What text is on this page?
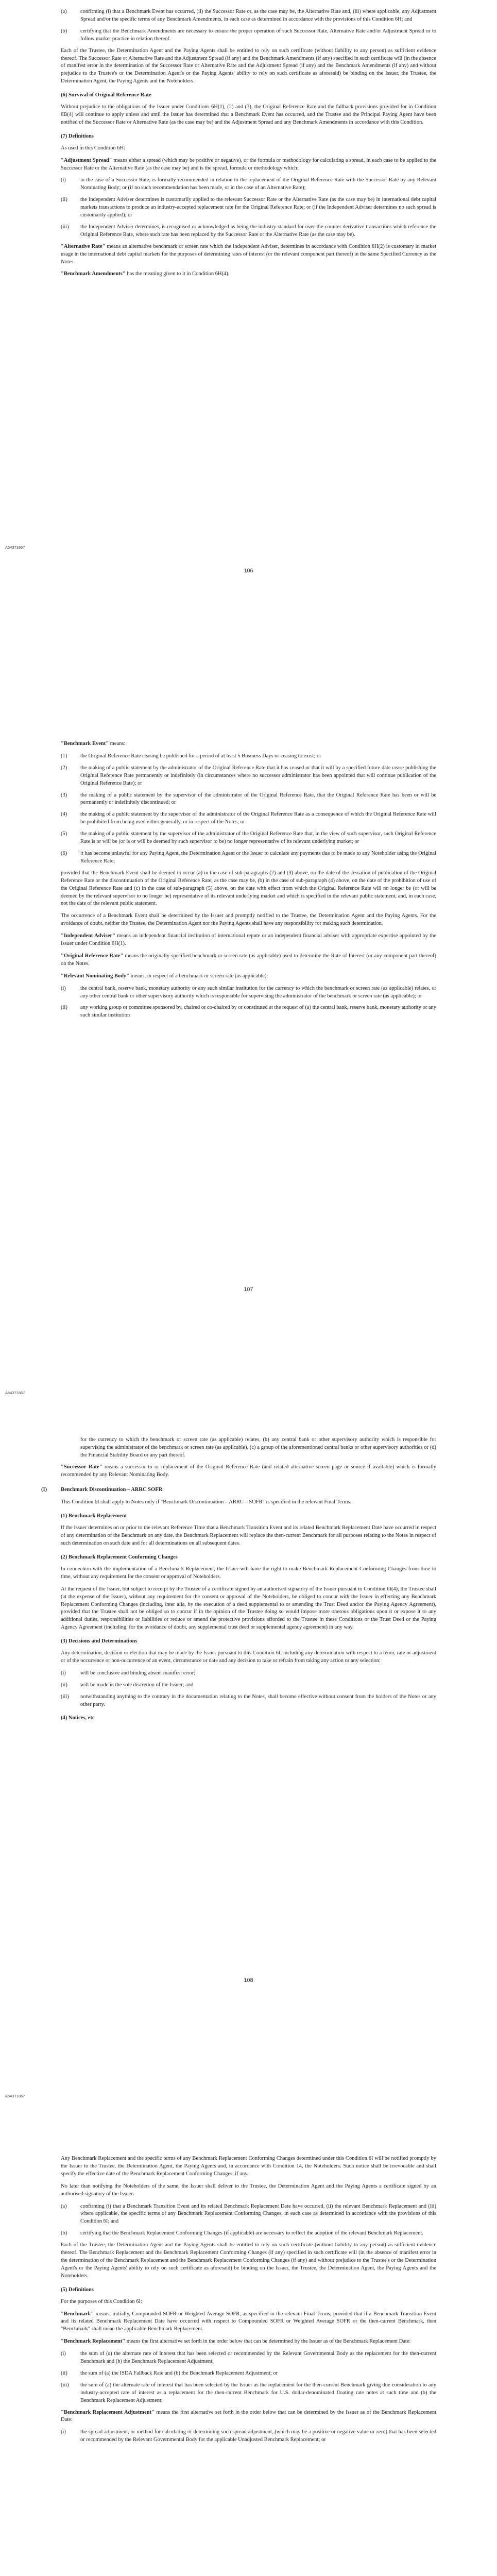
(a)	confirming (i) that a Benchmark Event has occurred, (ii) the Successor Rate or, as the case may be, the Alternative Rate and, (iii) where applicable, any Adjustment Spread and/or the specific terms of any Benchmark Amendments, in each case as determined in accordance with the provisions of this Condition 6H; and
(b)	certifying that the Benchmark Amendments are necessary to ensure the proper operation of such Successor Rate, Alternative Rate and/or Adjustment Spread or to follow market practice in relation thereof.

Each of the Trustee, the Determination Agent and the Paying Agents shall be entitled to rely on such certificate (without liability to any person) as sufficient evidence thereof. The Successor Rate or Alternative Rate and the Adjustment Spread (if any) and the Benchmark Amendments (if any) specified in such certificate will (in the absence of manifest error in the determination of the Successor Rate or Alternative Rate and the Adjustment Spread (if any) and the Benchmark Amendments (if any) and without prejudice to the Trustee's or the Determination Agent's or the Paying Agents' ability to rely on such certificate as aforesaid) be binding on the Issuer, the Trustee, the Determination Agent, the Paying Agents and the Noteholders.

(6) Survival of Original Reference Rate

Without prejudice to the obligations of the Issuer under Conditions 6H(1), (2) and (3), the Original Reference Rate and the fallback provisions provided for in Condition 6B(4) will continue to apply unless and until the Issuer has determined that a Benchmark Event has occurred, and the Trustee and the Principal Paying Agent have been notified of the Successor Rate or Alternative Rate (as the case may be) and the Adjustment Spread and any Benchmark Amendments in accordance with this Condition.

(7) Definitions

As used in this Condition 6H:

"Adjustment Spread" means either a spread (which may be positive or negative), or the formula or methodology for calculating a spread, in each case to be applied to the Successor Rate or the Alternative Rate (as the case may be) and is the spread, formula or methodology which:

(i)	in the case of a Successor Rate, is formally recommended in relation to the replacement of the Original Reference Rate with the Successor Rate by any Relevant Nominating Body; or (if no such recommendation has been made, or in the case of an Alternative Rate);
(ii)	the Independent Adviser determines is customarily applied to the relevant Successor Rate or the Alternative Rate (as the case may be) in international debt capital markets transactions to produce an industry-accepted replacement rate for the Original Reference Rate; or (if the Independent Adviser determines no such spread is customarily applied); or
(iii)	the Independent Adviser determines, is recognised or acknowledged as being the industry standard for over-the-counter derivative transactions which reference the Original Reference Rate, where such rate has been replaced by the Successor Rate or the Alternative Rate (as the case may be).

"Alternative Rate" means an alternative benchmark or screen rate which the Independent Adviser, determines in accordance with Condition 6H(2) is customary in market usage in the international debt capital markets for the purposes of determining rates of interest (or the relevant component part thereof) in the same Specified Currency as the Notes.

"Benchmark Amendments" has the meaning given to it in Condition 6H(4).

A54371867
106

"Benchmark Event" means:

(1)	the Original Reference Rate ceasing be published for a period of at least 5 Business Days or ceasing to exist; or
(2)	the making of a public statement by the administrator of the Original Reference Rate that it has ceased or that it will by a specified future date cease publishing the Original Reference Rate permanently or indefinitely (in circumstances where no successor administrator has been appointed that will continue publication of the Original Reference Rate); or
(3)	the making of a public statement by the supervisor of the administrator of the Original Reference Rate, that the Original Reference Rate has been or will be permanently or indefinitely discontinued; or
(4)	the making of a public statement by the supervisor of the administrator of the Original Reference Rate as a consequence of which the Original Reference Rate will be prohibited from being used either generally, or in respect of the Notes; or
(5)	the making of a public statement by the supervisor of the administrator of the Original Reference Rate that, in the view of such supervisor, such Original Reference Rate is or will be (or is or will be deemed by such supervisor to be) no longer representative of its relevant underlying market; or
(6)	it has become unlawful for any Paying Agent, the Determination Agent or the Issuer to calculate any payments due to be made to any Noteholder using the Original Reference Rate;

provided that the Benchmark Event shall be deemed to occur (a) in the case of sub-paragraphs (2) and (3) above, on the date of the cessation of publication of the Original Reference Rate or the discontinuation of the Original Reference Rate, as the case may be, (b) in the case of sub-paragraph (4) above, on the date of the prohibition of use of the Original Reference Rate and (c) in the case of sub-paragraph (5) above, on the date with effect from which the Original Reference Rate will no longer be (or will be deemed by the relevant supervisor to no longer be) representative of its relevant underlying market and which is specified in the relevant public statement, and, in each case, not the date of the relevant public statement.

The occurrence of a Benchmark Event shall be determined by the Issuer and promptly notified to the Trustee, the Determination Agent and the Paying Agents. For the avoidance of doubt, neither the Trustee, the Determination Agent nor the Paying Agents shall have any responsibility for making such determination.

"Independent Adviser" means an independent financial institution of international repute or an independent financial adviser with appropriate expertise appointed by the Issuer under Condition 6H(1).

"Original Reference Rate" means the originally-specified benchmark or screen rate (as applicable) used to determine the Rate of Interest (or any component part thereof) on the Notes.

"Relevant Nominating Body" means, in respect of a benchmark or screen rate (as applicable):

(i)	the central bank, reserve bank, monetary authority or any such similar institution for the currency to which the benchmark or screen rate (as applicable) relates, or any other central bank or other supervisory authority which is responsible for supervising the administrator of the benchmark or screen rate (as applicable); or
(ii)	any working group or committee sponsored by, chaired or co-chaired by or constituted at the request of (a) the central bank, reserve bank, monetary authority or any such similar institution
107
A54371867
for the currency to which the benchmark or screen rate (as applicable) relates, (b) any central bank or other supervisory authority which is responsible for supervising the administrator of the benchmark or screen rate (as applicable), (c) a group of the aforementioned central banks or other supervisory authorities or (d) the Financial Stability Board or any part thereof.

"Successor Rate" means a successor to or replacement of the Original Reference Rate (and related alternative screen page or source if available) which is formally recommended by any Relevant Nominating Body.

(I)	Benchmark Discontinuation – ARRC SOFR

This Condition 6I shall apply to Notes only if "Benchmark Discontinuation – ARRC – SOFR" is specified in the relevant Final Terms.

(1) Benchmark Replacement

If the Issuer determines on or prior to the relevant Reference Time that a Benchmark Transition Event and its related Benchmark Replacement Date have occurred in respect of any determination of the Benchmark on any date, the Benchmark Replacement will replace the then-current Benchmark for all purposes relating to the Notes in respect of such determination on such date and for all determinations on all subsequent dates.

(2) Benchmark Replacement Conforming Changes

In connection with the implementation of a Benchmark Replacement, the Issuer will have the right to make Benchmark Replacement Conforming Changes from time to time, without any requirement for the consent or approval of Noteholders.

At the request of the Issuer, but subject to receipt by the Trustee of a certificate signed by an authorised signatory of the Issuer pursuant to Condition 6I(4), the Trustee shall (at the expense of the Issuer), without any requirement for the consent or approval of the Noteholders, be obliged to concur with the Issuer in effecting any Benchmark Replacement Conforming Changes (including, inter alia, by the execution of a deed supplemental to or amending the Trust Deed and/or the Paying Agency Agreement), provided that the Trustee shall not be obliged so to concur if in the opinion of the Trustee doing so would impose more onerous obligations upon it or expose it to any additional duties, responsibilities or liabilities or reduce or amend the protective provisions afforded to the Trustee in these Conditions or the Trust Deed or the Paying Agency Agreement (including, for the avoidance of doubt, any supplemental trust deed or supplemental agency agreement) in any way.

(3) Decisions and Determinations

Any determination, decision or election that may be made by the Issuer pursuant to this Condition 6I, including any determination with respect to a tenor, rate or adjustment or of the occurrence or non-occurrence of an event, circumstance or date and any decision to take or refrain from taking any action or any selection:

(i)	will be conclusive and binding absent manifest error;
(ii)	will be made in the sole discretion of the Issuer; and
(iii)	notwithstanding anything to the contrary in the documentation relating to the Notes, shall become effective without consent from the holders of the Notes or any other party.
(4) Notices, etc
108
A54371867

Any Benchmark Replacement and the specific terms of any Benchmark Replacement Conforming Changes determined under this Condition 6I will be notified promptly by the Issuer to the Trustee, the Determination Agent, the Paying Agents and, in accordance with Condition 14, the Noteholders. Such notice shall be irrevocable and shall specify the effective date of the Benchmark Replacement Conforming Changes, if any.

No later than notifying the Noteholders of the same, the Issuer shall deliver to the Trustee, the Determination Agent and the Paying Agents a certificate signed by an authorised signatory of the Issuer:

(a)	confirming (i) that a Benchmark Transition Event and its related Benchmark Replacement Date have occurred, (ii) the relevant Benchmark Replacement and (iii) where applicable, the specific terms of any Benchmark Replacement Conforming Changes, in each case as determined in accordance with the provisions of this Condition 6I; and
(b)	certifying that the Benchmark Replacement Conforming Changes (if applicable) are necessary to reflect the adoption of the relevant Benchmark Replacement.

Each of the Trustee, the Determination Agent and the Paying Agents shall be entitled to rely on such certificate (without liability to any person) as sufficient evidence thereof. The Benchmark Replacement and the Benchmark Replacement Conforming Changes (if any) specified in such certificate will (in the absence of manifest error in the determination of the Benchmark Replacement and the Benchmark Replacement Conforming Changes (if any) and without prejudice to the Trustee's or the Determination Agent's or the Paying Agents' ability to rely on such certificate as aforesaid) be binding on the Issuer, the Trustee, the Determination Agent, the Paying Agents and the Noteholders.

(5) Definitions

For the purposes of this Condition 6I:

"Benchmark" means, initially, Compounded SOFR or Weighted Average SOFR, as specified in the relevant Final Terms; provided that if a Benchmark Transition Event and its related Benchmark Replacement Date have occurred with respect to Compounded SOFR or Weighted Average SOFR or the then-current Benchmark, then "Benchmark" shall mean the applicable Benchmark Replacement.

"Benchmark Replacement" means the first alternative set forth in the order below that can be determined by the Issuer as of the Benchmark Replacement Date:

(i)	the sum of (a) the alternate rate of interest that has been selected or recommended by the Relevant Governmental Body as the replacement for the then-current Benchmark and (b) the Benchmark Replacement Adjustment;
(ii)	the sum of (a) the ISDA Fallback Rate and (b) the Benchmark Replacement Adjustment; or
(iii)	the sum of (a) the alternate rate of interest that has been selected by the Issuer as the replacement for the then-current Benchmark giving due consideration to any industry-accepted rate of interest as a replacement for the then-current Benchmark for U.S. dollar-denominated floating rate notes at such time and (b) the Benchmark Replacement Adjustment;

"Benchmark Replacement Adjustment" means the first alternative set forth in the order below that can be determined by the Issuer as of the Benchmark Replacement Date:

(i)	the spread adjustment, or method for calculating or determining such spread adjustment, (which may be a positive or negative value or zero) that has been selected or recommended by the Relevant Governmental Body for the applicable Unadjusted Benchmark Replacement; or
